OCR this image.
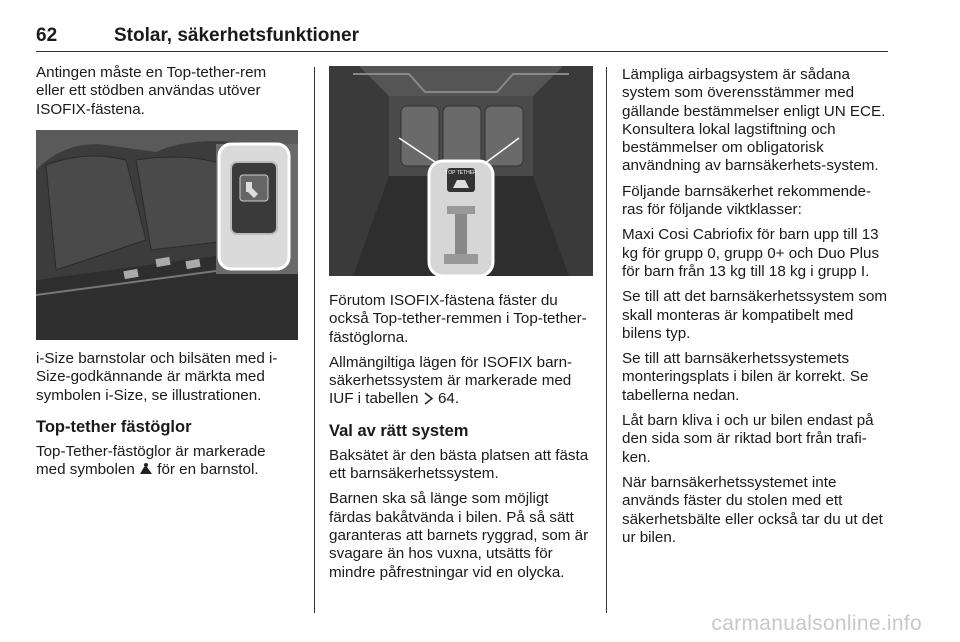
62	Stolar, säkerhetsfunktioner

Antingen måste en Top-tether-rem eller ett stödben användas utöver ISOFIX-fästena.

i-Size barnstolar och bilsäten med i-Size-godkännande är märkta med symbolen i-Size, se illustrationen.

Top-tether fästöglor

Top-Tether-fästöglor är markerade med symbolen för en barnstol.

TOP TETHER

Förutom ISOFIX-fästena fäster du också Top-tether-remmen i Top-tether-fästöglorna.

Allmängiltiga lägen för ISOFIX barn-säkerhetssystem är markerade med IUF i tabellen 64.

Val av rätt system

Baksätet är den bästa platsen att fästa ett barnsäkerhetssystem.

Barnen ska så länge som möjligt färdas bakåtvända i bilen. På så sätt garanteras att barnets ryggrad, som är svagare än hos vuxna, utsätts för mindre påfrestningar vid en olycka.

Lämpliga airbagsystem är sådana system som överensstämmer med gällande bestämmelser enligt UN ECE. Konsultera lokal lagstiftning och bestämmelser om obligatorisk användning av barnsäkerhets-system.

Följande barnsäkerhet rekommende-ras för följande viktklasser:

Maxi Cosi Cabriofix för barn upp till 13 kg för grupp 0, grupp 0+ och Duo Plus för barn från 13 kg till 18 kg i grupp I.

Se till att det barnsäkerhetssystem som skall monteras är kompatibelt med bilens typ.

Se till att barnsäkerhetssystemets monteringsplats i bilen är korrekt. Se tabellerna nedan.

Låt barn kliva i och ur bilen endast på den sida som är riktad bort från trafi-ken.

När barnsäkerhetssystemet inte används fäster du stolen med ett säkerhetsbälte eller också tar du ut det ur bilen.

carmanualsonline.info
